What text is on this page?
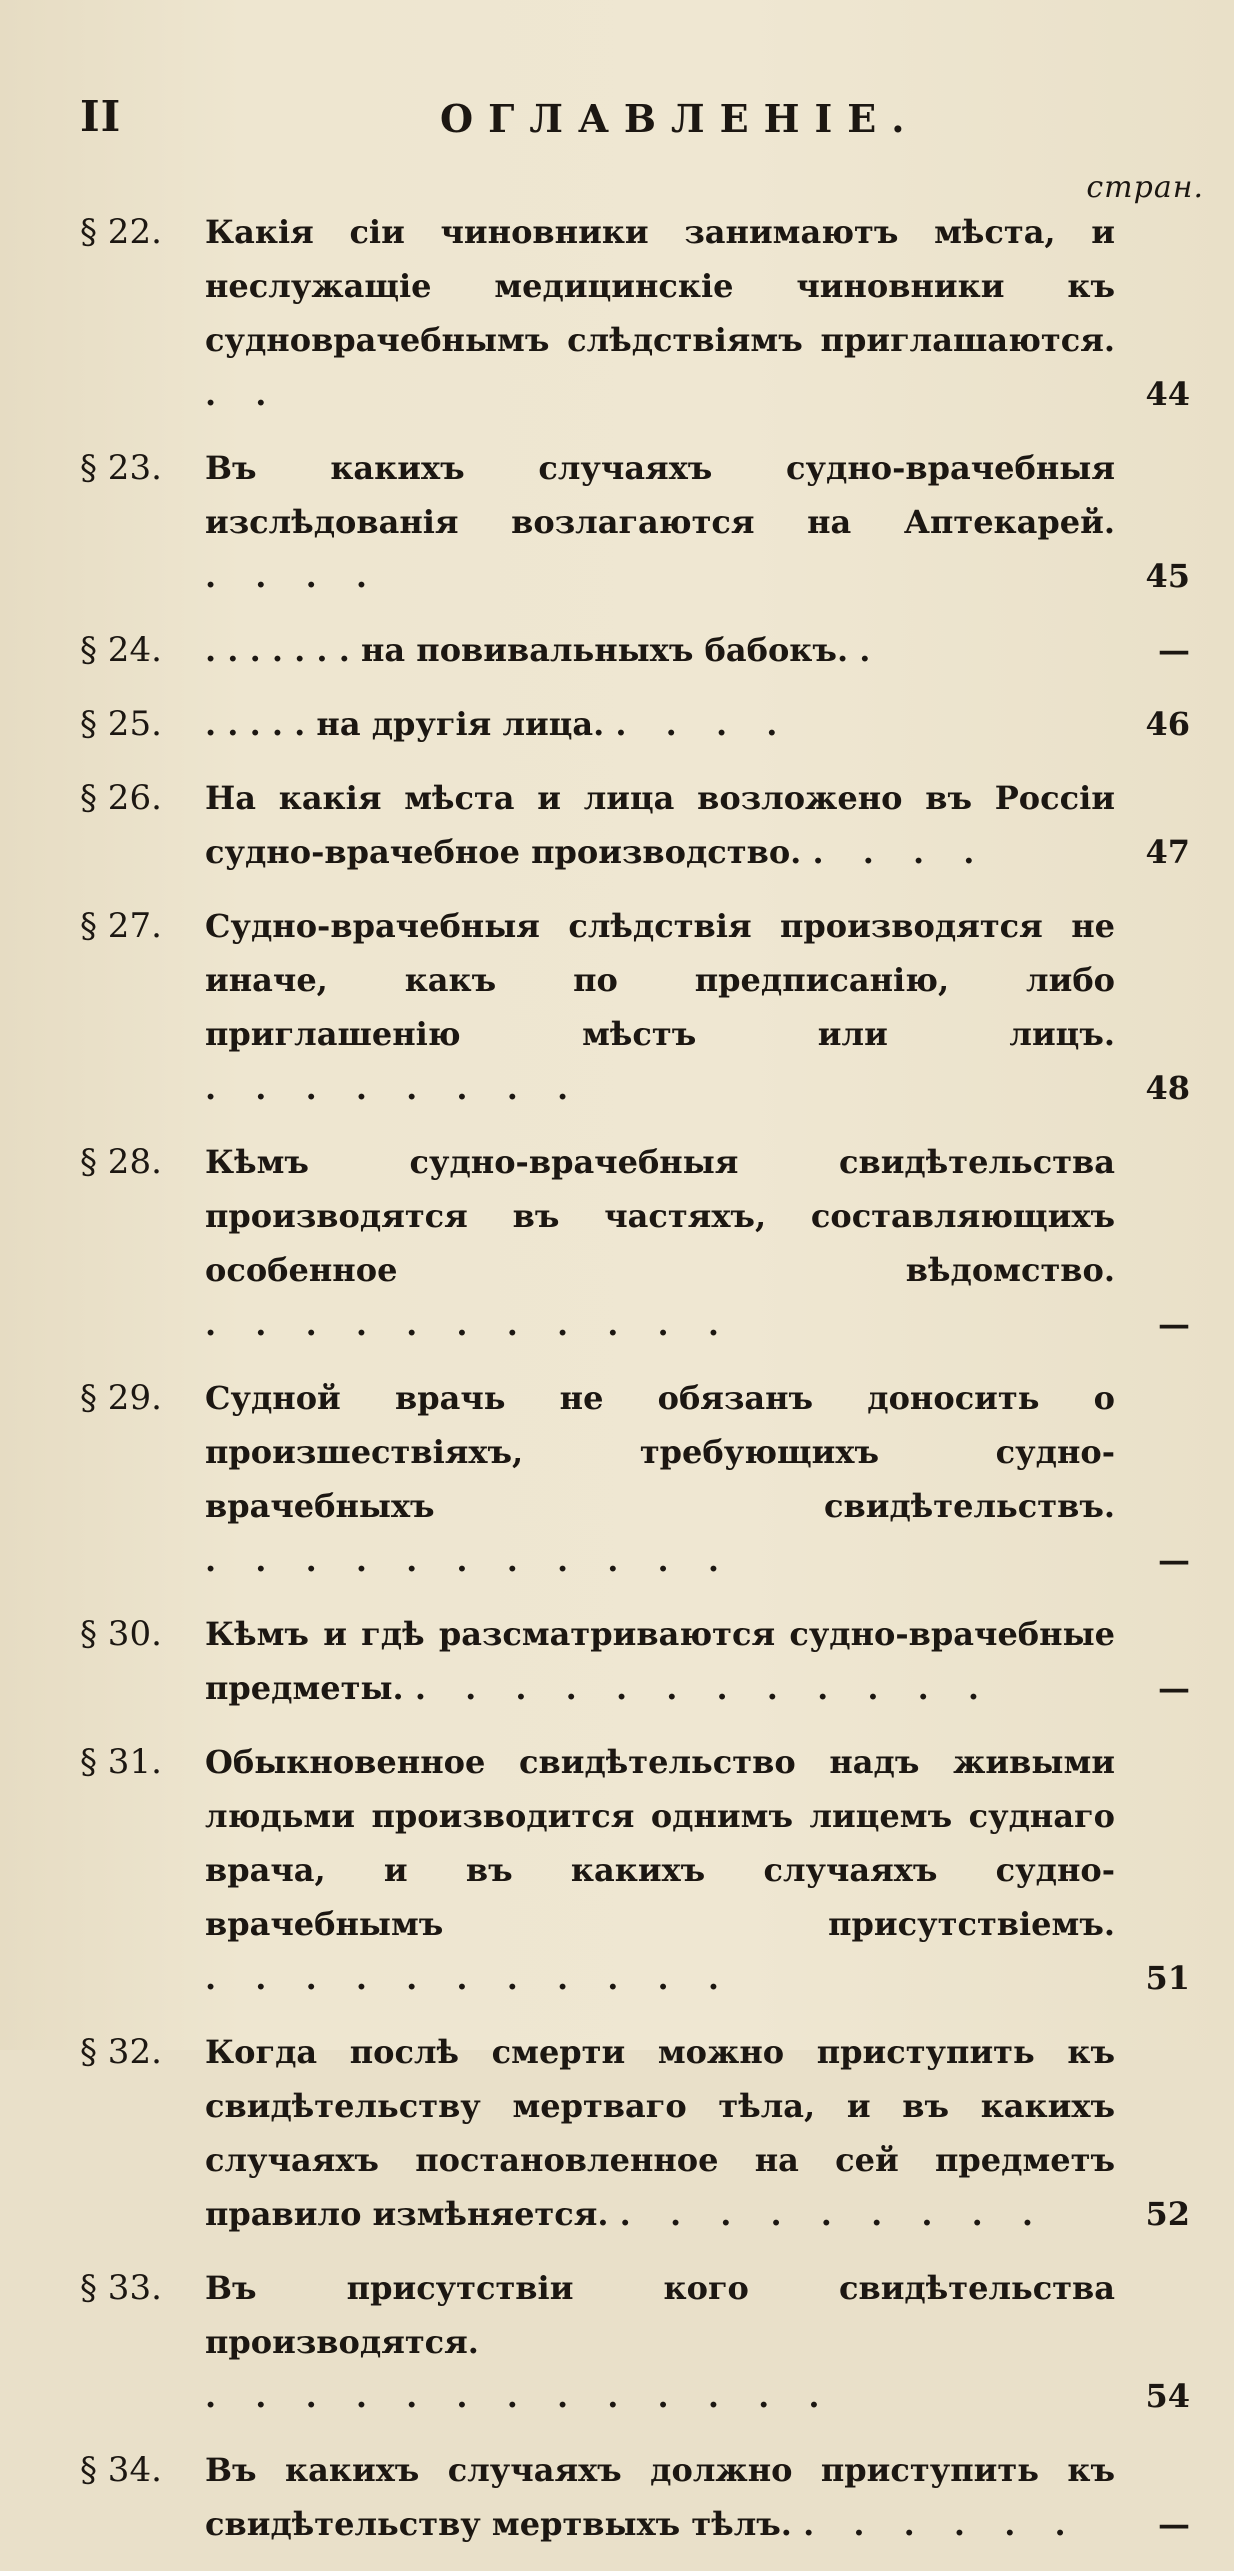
II	ОГЛАВЛЕНІЕ.
стран.
§ 22. Какія сіи чиновники занимаютъ мѣста, и неслужащіе медицинскіе чиновники къ судноврачебнымъ слѣдствіямъ приглашаются. . .	44
§ 23. Въ какихъ случаяхъ судно-врачебныя изслѣдованія возлагаются на Аптекарей. . . . .	45
§ 24. . . . . . . . на повивальныхъ бабокъ. .	—
§ 25. . . . . . на другія лица. . . . .	46
§ 26. На какія мѣста и лица возложено въ Россіи судно-врачебное производство. . . . .	47
§ 27. Судно-врачебныя слѣдствія производятся не иначе, какъ по предписанію, либо приглашенію мѣстъ или лицъ. . . . . . . . .	48
§ 28. Кѣмъ судно-врачебныя свидѣтельства производятся въ частяхъ, составляющихъ особенное вѣдомство. . . . . . . . . . . .	—
§ 29. Судной врачь не обязанъ доносить о произшествіяхъ, требующихъ судно-врачебныхъ свидѣтельствъ. . . . . . . . . . . .	—
§ 30. Кѣмъ и гдѣ разсматриваются судно-врачебные предметы. . . . . . . . . . . . .	—
§ 31. Обыкновенное свидѣтельство надъ живыми людьми производится однимъ лицемъ суднаго врача, и въ какихъ случаяхъ судно-врачебнымъ присутствіемъ. . . . . . . . . . . .	51
§ 32. Когда послѣ смерти можно приступить къ свидѣтельству мертваго тѣла, и въ какихъ случаяхъ постановленное на сей предметъ правило измѣняется. . . . . . . . . .	52
§ 33. Въ присутствіи кого свидѣтельства производятся. . . . . . . . . . . . . .	54
§ 34. Въ какихъ случаяхъ должно приступить къ свидѣтельству мертвыхъ тѣлъ. . . . . . .	—
